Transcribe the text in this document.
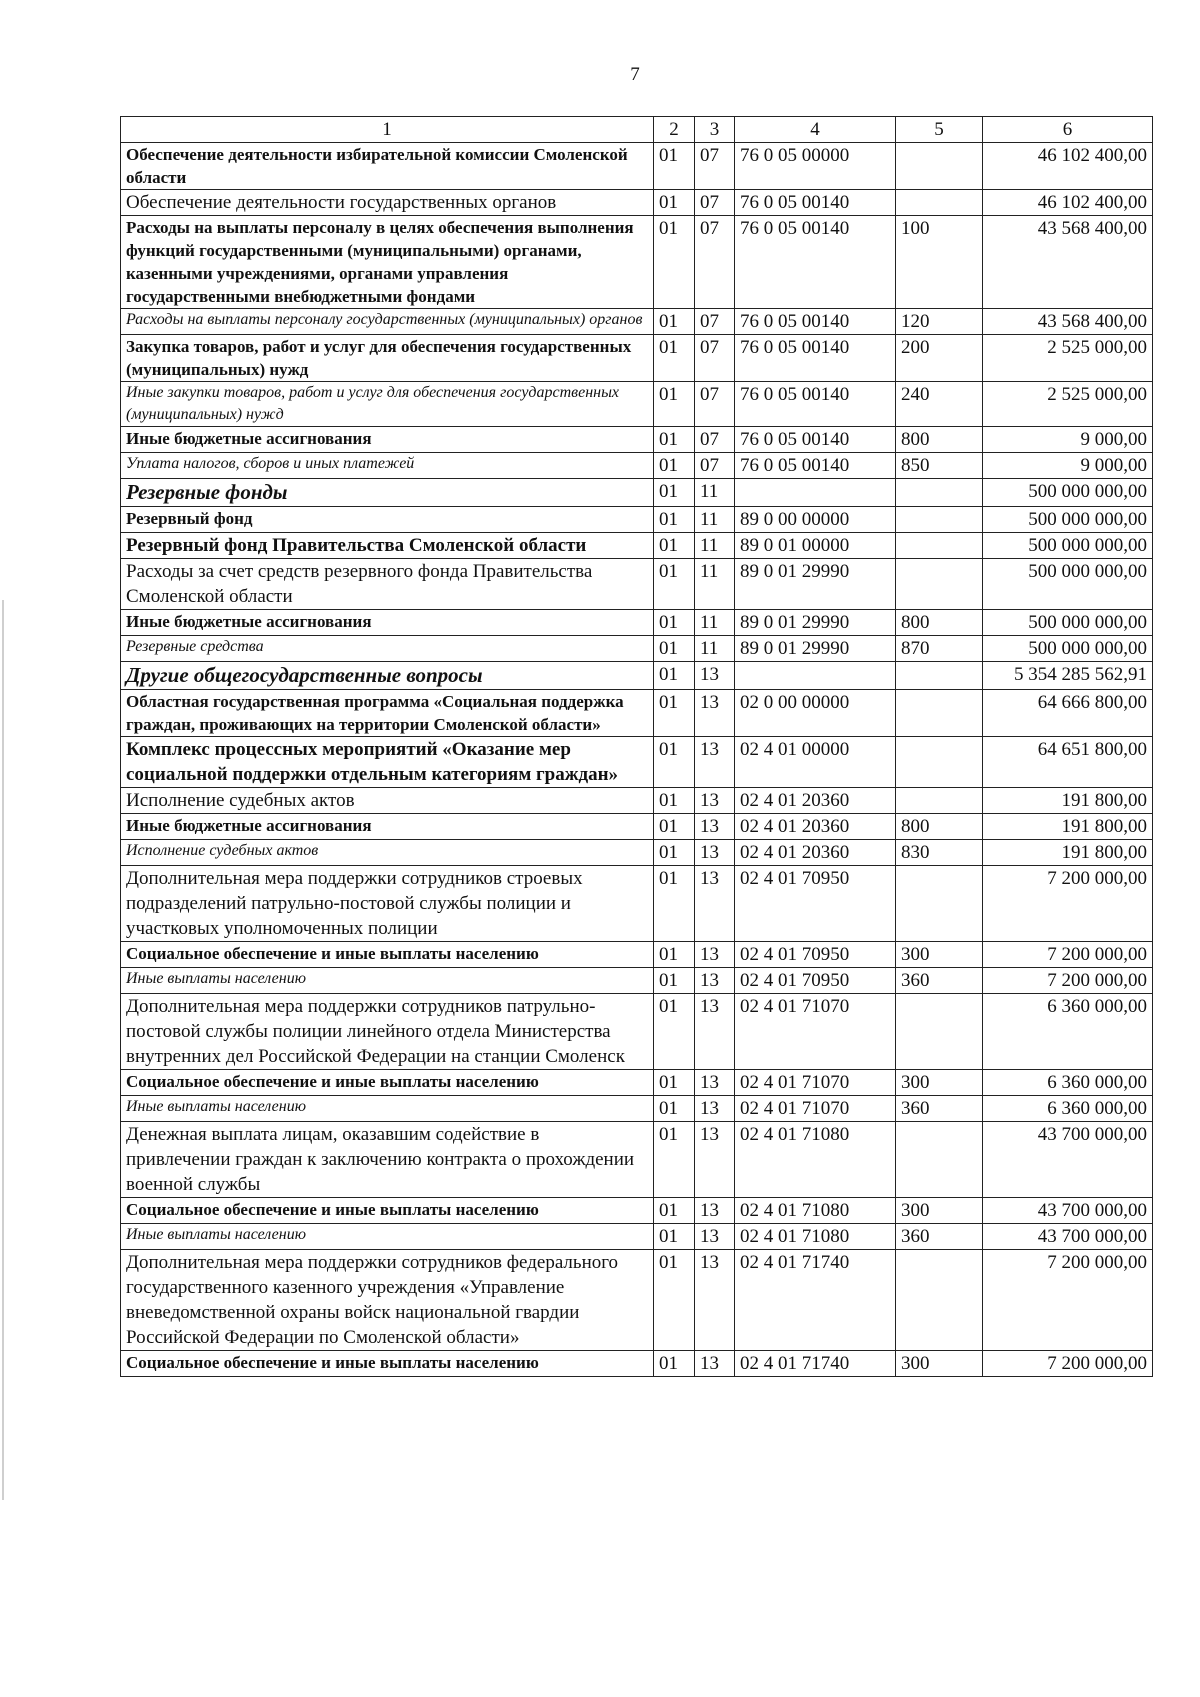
7
1	2	3	4	5	6
Обеспечение деятельности избирательной комиссии Смоленской области	01	07	76 0 05 00000		46 102 400,00
Обеспечение деятельности государственных органов	01	07	76 0 05 00140		46 102 400,00
Расходы на выплаты персоналу в целях обеспечения выполнения функций государственными (муниципальными) органами, казенными учреждениями, органами управления государственными внебюджетными фондами	01	07	76 0 05 00140	100	43 568 400,00
Расходы на выплаты персоналу государственных (муниципальных) органов	01	07	76 0 05 00140	120	43 568 400,00
Закупка товаров, работ и услуг для обеспечения государственных (муниципальных) нужд	01	07	76 0 05 00140	200	2 525 000,00
Иные закупки товаров, работ и услуг для обеспечения государственных (муниципальных) нужд	01	07	76 0 05 00140	240	2 525 000,00
Иные бюджетные ассигнования	01	07	76 0 05 00140	800	9 000,00
Уплата налогов, сборов и иных платежей	01	07	76 0 05 00140	850	9 000,00
Резервные фонды	01	11			500 000 000,00
Резервный фонд	01	11	89 0 00 00000		500 000 000,00
Резервный фонд Правительства Смоленской области	01	11	89 0 01 00000		500 000 000,00
Расходы за счет средств резервного фонда Правительства Смоленской области	01	11	89 0 01 29990		500 000 000,00
Иные бюджетные ассигнования	01	11	89 0 01 29990	800	500 000 000,00
Резервные средства	01	11	89 0 01 29990	870	500 000 000,00
Другие общегосударственные вопросы	01	13			5 354 285 562,91
Областная государственная программа «Социальная поддержка граждан, проживающих на территории Смоленской области»	01	13	02 0 00 00000		64 666 800,00
Комплекс процессных мероприятий «Оказание мер социальной поддержки отдельным категориям граждан»	01	13	02 4 01 00000		64 651 800,00
Исполнение судебных актов	01	13	02 4 01 20360		191 800,00
Иные бюджетные ассигнования	01	13	02 4 01 20360	800	191 800,00
Исполнение судебных актов	01	13	02 4 01 20360	830	191 800,00
Дополнительная мера поддержки сотрудников строевых подразделений патрульно-постовой службы полиции и участковых уполномоченных полиции	01	13	02 4 01 70950		7 200 000,00
Социальное обеспечение и иные выплаты населению	01	13	02 4 01 70950	300	7 200 000,00
Иные выплаты населению	01	13	02 4 01 70950	360	7 200 000,00
Дополнительная мера поддержки сотрудников патрульно-постовой службы полиции линейного отдела Министерства внутренних дел Российской Федерации на станции Смоленск	01	13	02 4 01 71070		6 360 000,00
Социальное обеспечение и иные выплаты населению	01	13	02 4 01 71070	300	6 360 000,00
Иные выплаты населению	01	13	02 4 01 71070	360	6 360 000,00
Денежная выплата лицам, оказавшим содействие в привлечении граждан к заключению контракта о прохождении военной службы	01	13	02 4 01 71080		43 700 000,00
Социальное обеспечение и иные выплаты населению	01	13	02 4 01 71080	300	43 700 000,00
Иные выплаты населению	01	13	02 4 01 71080	360	43 700 000,00
Дополнительная мера поддержки сотрудников федерального государственного казенного учреждения «Управление вневедомственной охраны войск национальной гвардии Российской Федерации по Смоленской области»	01	13	02 4 01 71740		7 200 000,00
Социальное обеспечение и иные выплаты населению	01	13	02 4 01 71740	300	7 200 000,00
